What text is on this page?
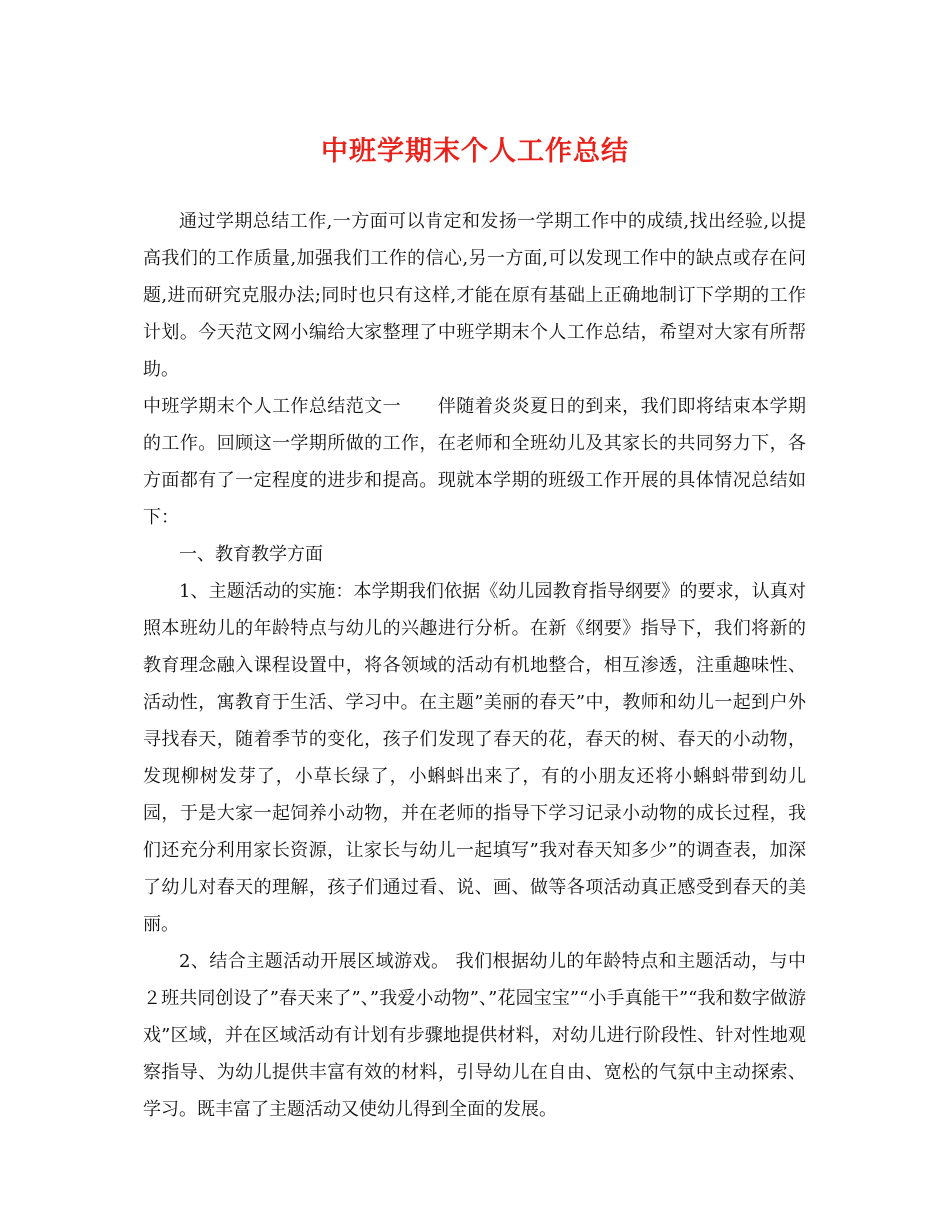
中班学期末个人工作总结

通过学期总结工作,一方面可以肯定和发扬一学期工作中的成绩,找出经验,以提高我们的工作质量,加强我们工作的信心,另一方面,可以发现工作中的缺点或存在问题,进而研究克服办法;同时也只有这样,才能在原有基础上正确地制订下学期的工作计划。今天范文网小编给大家整理了中班学期末个人工作总结，希望对大家有所帮助。

中班学期末个人工作总结范文一　　伴随着炎炎夏日的到来，我们即将结束本学期的工作。回顾这一学期所做的工作，在老师和全班幼儿及其家长的共同努力下，各方面都有了一定程度的进步和提高。现就本学期的班级工作开展的具体情况总结如下：

一、教育教学方面

1、主题活动的实施：本学期我们依据《幼儿园教育指导纲要》的要求，认真对照本班幼儿的年龄特点与幼儿的兴趣进行分析。在新《纲要》指导下，我们将新的教育理念融入课程设置中，将各领域的活动有机地整合，相互渗透，注重趣味性、活动性，寓教育于生活、学习中。在主题”美丽的春天”中，教师和幼儿一起到户外寻找春天，随着季节的变化，孩子们发现了春天的花，春天的树、春天的小动物，发现柳树发芽了，小草长绿了，小蝌蚪出来了，有的小朋友还将小蝌蚪带到幼儿园，于是大家一起饲养小动物，并在老师的指导下学习记录小动物的成长过程，我们还充分利用家长资源，让家长与幼儿一起填写”我对春天知多少”的调查表，加深了幼儿对春天的理解，孩子们通过看、说、画、做等各项活动真正感受到春天的美丽。

2、结合主题活动开展区域游戏。 我们根据幼儿的年龄特点和主题活动，与中２班共同创设了”春天来了”、”我爱小动物”、”花园宝宝”“小手真能干”“我和数字做游戏”区域，并在区域活动有计划有步骤地提供材料，对幼儿进行阶段性、针对性地观察指导、为幼儿提供丰富有效的材料，引导幼儿在自由、宽松的气氛中主动探索、学习。既丰富了主题活动又使幼儿得到全面的发展。
